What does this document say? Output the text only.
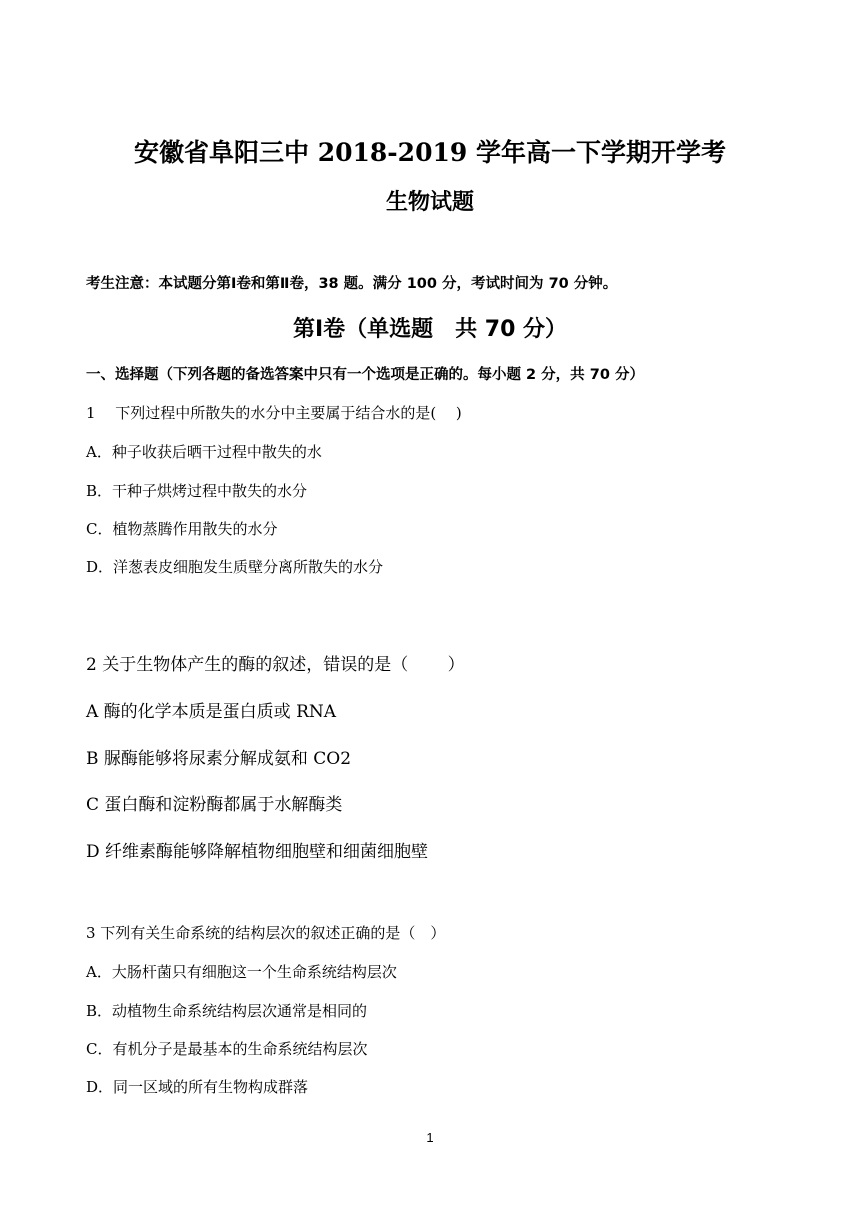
安徽省阜阳三中 2018-2019 学年高一下学期开学考
生物试题
考生注意：本试题分第Ⅰ卷和第Ⅱ卷，38 题。满分 100 分，考试时间为 70 分钟。
第Ⅰ卷（单选题　共 70 分）
一、选择题（下列各题的备选答案中只有一个选项是正确的。每小题 2 分，共 70 分）
1　 下列过程中所散失的水分中主要属于结合水的是(　 )
A．种子收获后晒干过程中散失的水
B．干种子烘烤过程中散失的水分
C．植物蒸腾作用散失的水分
D．洋葱表皮细胞发生质壁分离所散失的水分
2 关于生物体产生的酶的叙述，错误的是（　　 ）
A 酶的化学本质是蛋白质或 RNA
B 脲酶能够将尿素分解成氨和 CO2
C 蛋白酶和淀粉酶都属于水解酶类
D 纤维素酶能够降解植物细胞壁和细菌细胞壁
3 下列有关生命系统的结构层次的叙述正确的是（　）
A．大肠杆菌只有细胞这一个生命系统结构层次
B．动植物生命系统结构层次通常是相同的
C．有机分子是最基本的生命系统结构层次
D．同一区域的所有生物构成群落
1
